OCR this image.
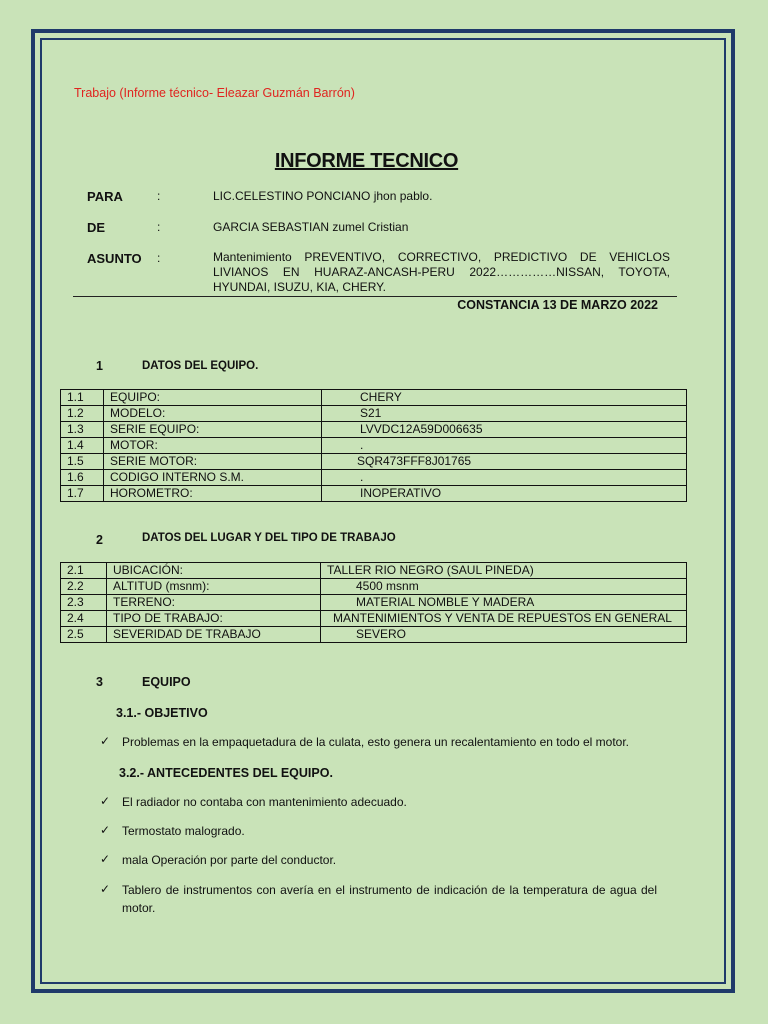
Trabajo (Informe técnico- Eleazar Guzmán Barrón)
INFORME TECNICO
PARA	:	LIC.CELESTINO PONCIANO jhon pablo.
DE	:	GARCIA SEBASTIAN zumel Cristian
ASUNTO :	Mantenimiento PREVENTIVO, CORRECTIVO, PREDICTIVO DE VEHICLOS LIVIANOS EN HUARAZ-ANCASH-PERU 2022……………NISSAN, TOYOTA, HYUNDAI, ISUZU, KIA, CHERY.
CONSTANCIA 13 DE MARZO 2022
1	DATOS DEL EQUIPO.
1.1	EQUIPO:	CHERY
1.2	MODELO:	S21
1.3	SERIE EQUIPO:	LVVDC12A59D006635
1.4	MOTOR:	.
1.5	SERIE MOTOR:	SQR473FFF8J01765
1.6	CODIGO INTERNO S.M.	.
1.7	HOROMETRO:	INOPERATIVO
2	DATOS DEL LUGAR Y DEL TIPO DE TRABAJO
2.1	UBICACIÓN:	TALLER RIO NEGRO (SAUL PINEDA)
2.2	ALTITUD (msnm):	4500 msnm
2.3	TERRENO:	MATERIAL NOMBLE Y MADERA
2.4	TIPO DE TRABAJO:	MANTENIMIENTOS Y VENTA DE REPUESTOS EN GENERAL
2.5	SEVERIDAD DE TRABAJO	SEVERO
3	EQUIPO
3.1.- OBJETIVO
✓ Problemas en la empaquetadura de la culata, esto genera un recalentamiento en todo el motor.
3.2.- ANTECEDENTES DEL EQUIPO.
✓ El radiador no contaba con mantenimiento adecuado.
✓ Termostato malogrado.
✓ mala Operación por parte del conductor.
✓ Tablero de instrumentos con avería en el instrumento de indicación de la temperatura de agua del motor.
